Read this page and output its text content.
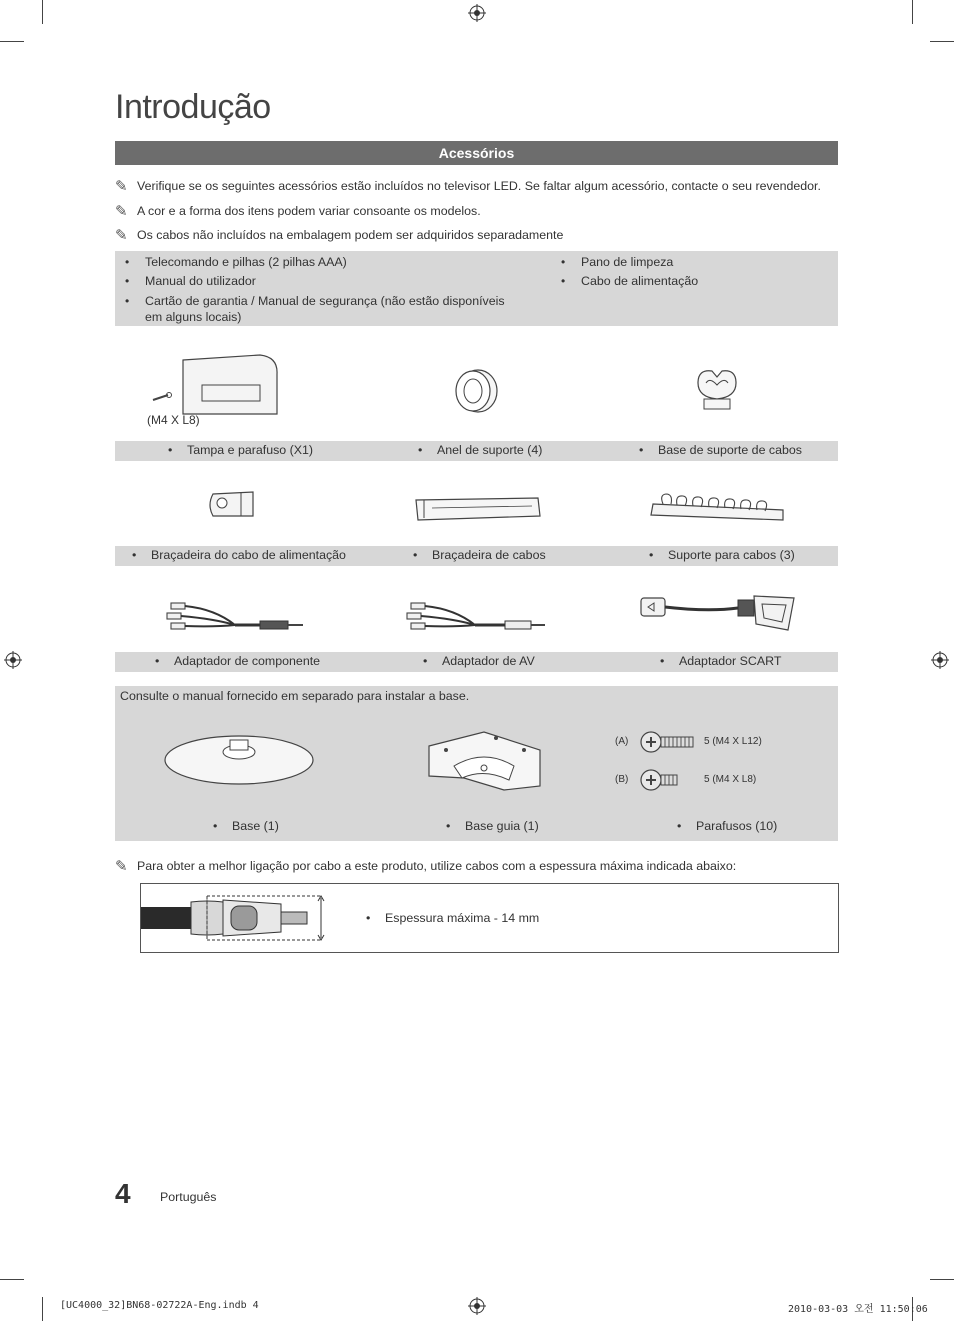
Introdução
Acessórios
✎ Verifique se os seguintes acessórios estão incluídos no televisor LED. Se faltar algum acessório, contacte o seu revendedor.
✎ A cor e a forma dos itens podem variar consoante os modelos.
✎ Os cabos não incluídos na embalagem podem ser adquiridos separadamente
• Telecomando e pilhas (2 pilhas AAA)
• Manual do utilizador
• Cartão de garantia / Manual de segurança (não estão disponíveis em alguns locais)
• Pano de limpeza
• Cabo de alimentação
(M4 X L8)
• Tampa e parafuso (X1)	• Anel de suporte (4)	• Base de suporte de cabos
• Braçadeira do cabo de alimentação	• Braçadeira de cabos	• Suporte para cabos (3)
• Adaptador de componente	• Adaptador de AV	• Adaptador SCART
Consulte o manual fornecido em separado para instalar a base.
(A)	5 (M4 X L12)
(B)	5 (M4 X L8)
• Base (1)	• Base guia (1)	• Parafusos (10)
✎ Para obter a melhor ligação por cabo a este produto, utilize cabos com a espessura máxima indicada abaixo:
• Espessura máxima - 14 mm
4 Português
[UC4000_32]BN68-02722A-Eng.indb 4	2010-03-03 오전 11:50:06
